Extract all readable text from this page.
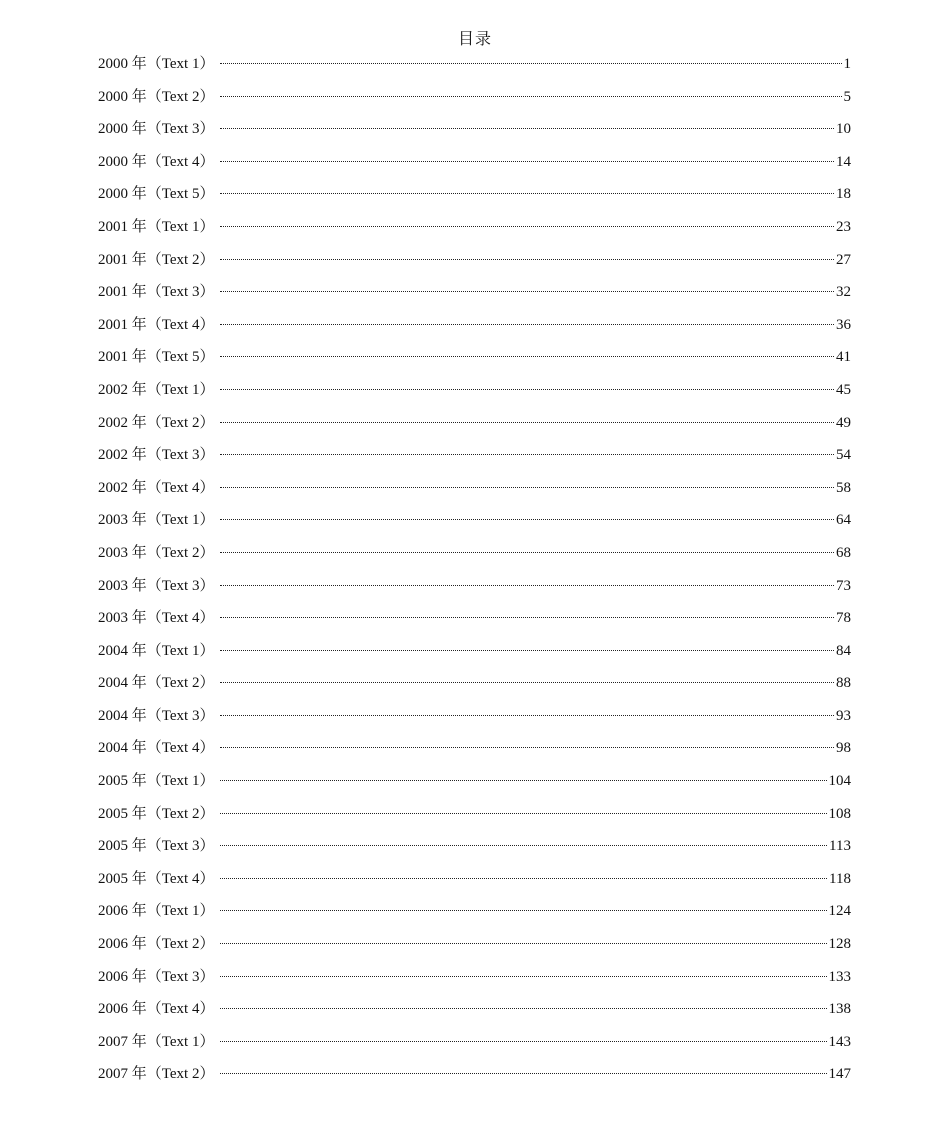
目录
2000 年（Text 1）	1
2000 年（Text 2）	5
2000 年（Text 3）	10
2000 年（Text 4）	14
2000 年（Text 5）	18
2001 年（Text 1）	23
2001 年（Text 2）	27
2001 年（Text 3）	32
2001 年（Text 4）	36
2001 年（Text 5）	41
2002 年（Text 1）	45
2002 年（Text 2）	49
2002 年（Text 3）	54
2002 年（Text 4）	58
2003 年（Text 1）	64
2003 年（Text 2）	68
2003 年（Text 3）	73
2003 年（Text 4）	78
2004 年（Text 1）	84
2004 年（Text 2）	88
2004 年（Text 3）	93
2004 年（Text 4）	98
2005 年（Text 1）	104
2005 年（Text 2）	108
2005 年（Text 3）	113
2005 年（Text 4）	118
2006 年（Text 1）	124
2006 年（Text 2）	128
2006 年（Text 3）	133
2006 年（Text 4）	138
2007 年（Text 1）	143
2007 年（Text 2）	147
